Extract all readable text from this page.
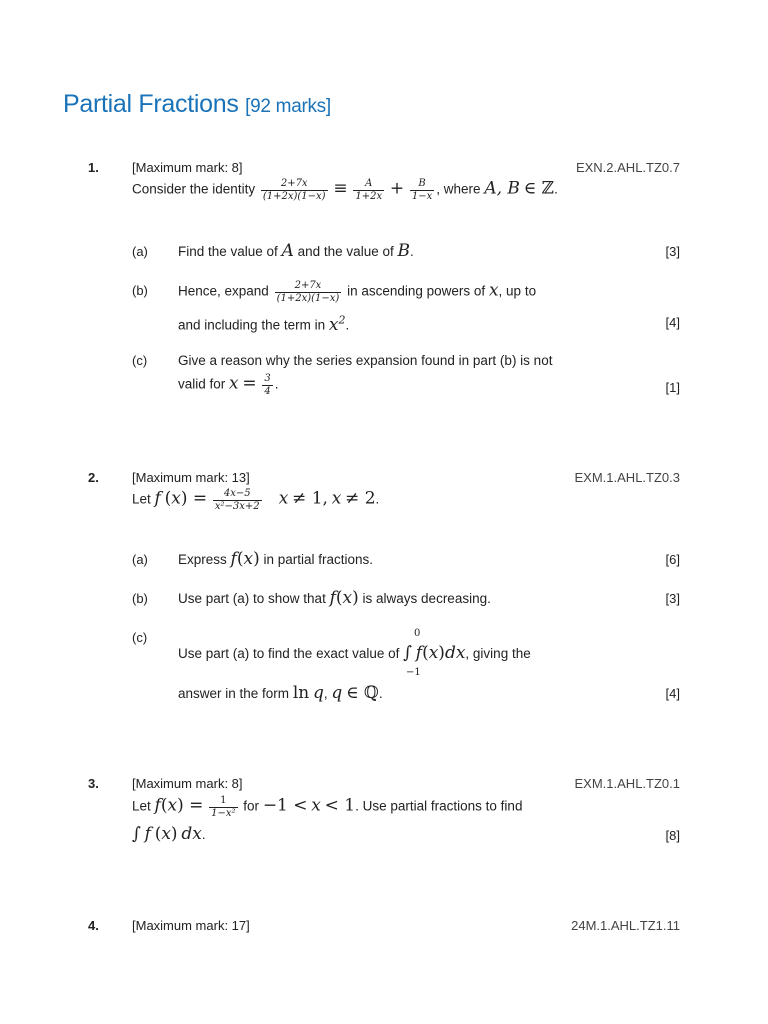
Partial Fractions [92 marks]
1.	[Maximum mark: 8]	EXN.2.AHL.TZ0.7
Consider the identity $\frac{2+7x}{(1+2x)(1-x)} \equiv \frac{A}{1+2x} + \frac{B}{1-x}$ , where A, B ∈ ℤ.
(a) Find the value of A and the value of B.	[3]
(b) Hence, expand $\frac{2+7x}{(1+2x)(1-x)}$ in ascending powers of x, up to
and including the term in $x^2$.	[4]
(c) Give a reason why the series expansion found in part (b) is not
valid for $x = \frac{3}{4}$ .	[1]
2.	[Maximum mark: 13]	EXM.1.AHL.TZ0.3
Let f $(x) = \frac{4x-5}{\text{x²−3x+2}}$ x ≠ 1, x ≠ 2.
(a) Express f(x) in partial fractions.	[6]
(b) Use part (a) to show that f(x) is always decreasing.	[3]
(c)	0
−1
Use part (a) to find the exact value of ∫ f(x)dx, giving the
answer in the form ln q, q ∈ ℚ.	[4]
3.	[Maximum mark: 8]	EXM.1.AHL.TZ0.1
Let $f(x) = \frac{1}{\text{1−x²}}$ for −1 < x < 1. Use partial fractions to find
∫ f (x) dx.	[8]
4.	[Maximum mark: 17]	24M.1.AHL.TZ1.11
